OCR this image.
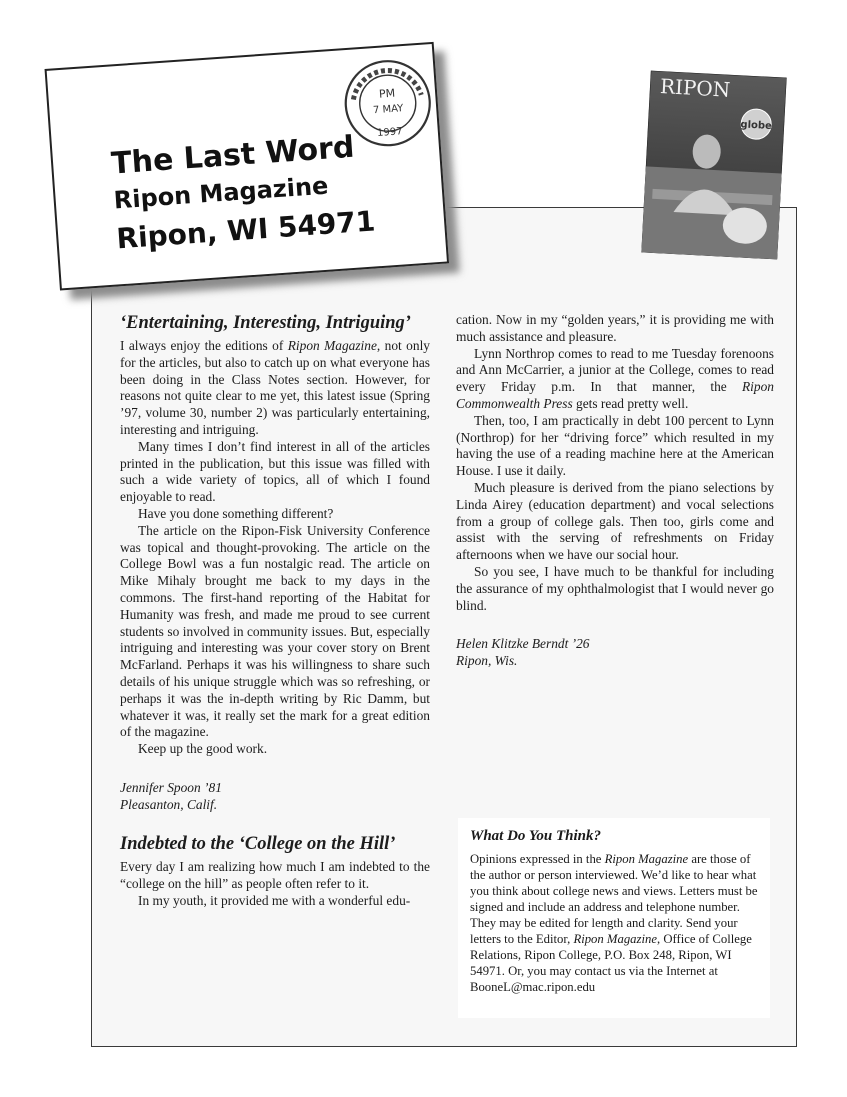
PM
7 MAY
1997
The Last Word
Ripon Magazine
Ripon, WI 54971
globe
RIPON
‘Entertaining, Interesting, Intriguing’

I always enjoy the editions of Ripon Magazine, not only for the articles, but also to catch up on what everyone has been doing in the Class Notes section. However, for reasons not quite clear to me yet, this latest issue (Spring ’97, volume 30, number 2) was particularly entertaining, interesting and intriguing.

Many times I don’t find interest in all of the articles printed in the publication, but this issue was filled with such a wide variety of topics, all of which I found enjoyable to read.

Have you done something different?

The article on the Ripon-Fisk University Conference was topical and thought-provoking. The article on the College Bowl was a fun nostalgic read. The article on Mike Mihaly brought me back to my days in the commons. The first-hand reporting of the Habitat for Humanity was fresh, and made me proud to see current students so involved in community issues. But, especially intriguing and interesting was your cover story on Brent McFarland. Perhaps it was his willingness to share such details of his unique struggle which was so refreshing, or perhaps it was the in-depth writing by Ric Damm, but whatever it was, it really set the mark for a great edition of the magazine.

Keep up the good work.

Jennifer Spoon ’81

Pleasanton, Calif.

Indebted to the ‘College on the Hill’

Every day I am realizing how much I am indebted to the “college on the hill” as people often refer to it.

In my youth, it provided me with a wonderful edu-

cation. Now in my “golden years,” it is providing me with much assistance and pleasure.

Lynn Northrop comes to read to me Tuesday forenoons and Ann McCarrier, a junior at the College, comes to read every Friday p.m. In that manner, the Ripon Commonwealth Press gets read pretty well.

Then, too, I am practically in debt 100 percent to Lynn (Northrop) for her “driving force” which resulted in my having the use of a reading machine here at the American House. I use it daily.

Much pleasure is derived from the piano selections by Linda Airey (education department) and vocal selections from a group of college gals. Then too, girls come and assist with the serving of refreshments on Friday afternoons when we have our social hour.

So you see, I have much to be thankful for including the assurance of my ophthalmologist that I would never go blind.

Helen Klitzke Berndt ’26

Ripon, Wis.

What Do You Think?

Opinions expressed in the Ripon Magazine are those of the author or person interviewed. We’d like to hear what you think about college news and views. Letters must be signed and include an address and telephone number. They may be edited for length and clarity. Send your letters to the Editor, Ripon Magazine, Office of College Relations, Ripon College, P.O. Box 248, Ripon, WI 54971. Or, you may contact us via the Internet at BooneL@mac.ripon.edu
